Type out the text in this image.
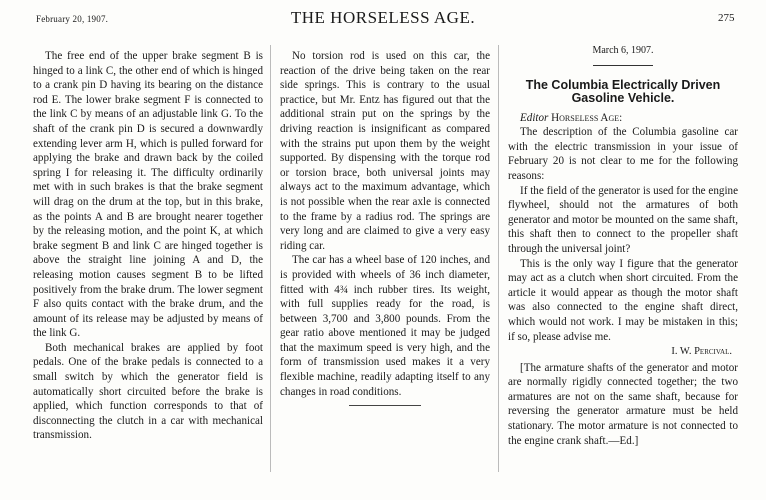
February 20, 1907.	THE HORSELESS AGE.	275

The free end of the upper brake segment B is hinged to a link C, the other end of which is hinged to a crank pin D having its bearing on the distance rod E. The lower brake segment F is connected to the link C by means of an adjustable link G. To the shaft of the crank pin D is secured a downwardly extending lever arm H, which is pulled forward for applying the brake and drawn back by the coiled spring I for releasing it. The difficulty ordinarily met with in such brakes is that the brake segment will drag on the drum at the top, but in this brake, as the points A and B are brought nearer together by the releasing motion, and the point K, at which brake segment B and link C are hinged together is above the straight line joining A and D, the releasing motion causes segment B to be lifted positively from the brake drum. The lower segment F also quits contact with the brake drum, and the amount of its release may be adjusted by means of the link G.

Both mechanical brakes are applied by foot pedals. One of the brake pedals is connected to a small switch by which the generator field is automatically short circuited before the brake is applied, which function corresponds to that of disconnecting the clutch in a car with mechanical transmission.

No torsion rod is used on this car, the reaction of the drive being taken on the rear side springs. This is contrary to the usual practice, but Mr. Entz has figured out that the additional strain put on the springs by the driving reaction is insignificant as compared with the strains put upon them by the weight supported. By dispensing with the torque rod or torsion brace, both universal joints may always act to the maximum advantage, which is not possible when the rear axle is connected to the frame by a radius rod. The springs are very long and are claimed to give a very easy riding car.

The car has a wheel base of 120 inches, and is provided with wheels of 36 inch diameter, fitted with 4¾ inch rubber tires. Its weight, with full supplies ready for the road, is between 3,700 and 3,800 pounds. From the gear ratio above mentioned it may be judged that the maximum speed is very high, and the form of transmission used makes it a very flexible machine, readily adapting itself to any changes in road conditions.

March 6, 1907.
The Columbia Electrically Driven Gasoline Vehicle.

Editor Horseless Age:

The description of the Columbia gasoline car with the electric transmission in your issue of February 20 is not clear to me for the following reasons:

If the field of the generator is used for the engine flywheel, should not the armatures of both generator and motor be mounted on the same shaft, this shaft then to connect to the propeller shaft through the universal joint?

This is the only way I figure that the generator may act as a clutch when short circuited. From the article it would appear as though the motor shaft was also connected to the engine shaft direct, which would not work. I may be mistaken in this; if so, please advise me.

I. W. Percival.

[The armature shafts of the generator and motor are normally rigidly connected together; the two armatures are not on the same shaft, because for reversing the generator armature must be held stationary. The motor armature is not connected to the engine crank shaft.—Ed.]
